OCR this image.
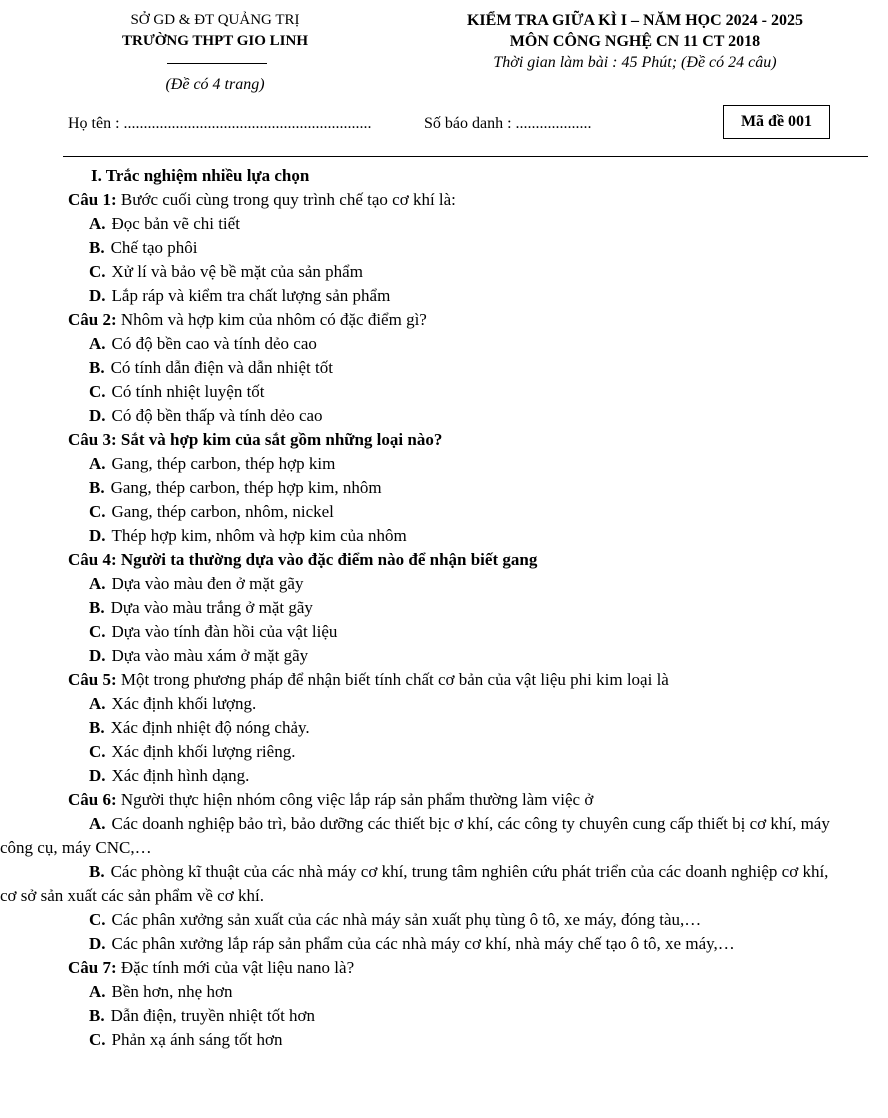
SỞ GD & ĐT QUẢNG TRỊ
TRƯỜNG THPT GIO LINH
(Đề có 4 trang)
KIỂM TRA GIỮA KÌ I – NĂM HỌC 2024 - 2025
MÔN CÔNG NGHỆ CN 11 CT 2018
Thời gian làm bài : 45 Phút; (Đề có 24 câu)
Họ tên : ..............................................................	Số báo danh : ...................	Mã đề 001

I. Trắc nghiệm nhiều lựa chọn

Câu 1: Bước cuối cùng trong quy trình chế tạo cơ khí là:

A. Đọc bản vẽ chi tiết

B. Chế tạo phôi

C. Xử lí và bảo vệ bề mặt của sản phẩm

D. Lắp ráp và kiểm tra chất lượng sản phẩm

Câu 2: Nhôm và hợp kim của nhôm có đặc điểm gì?

A. Có độ bền cao và tính dẻo cao

B. Có tính dẫn điện và dẫn nhiệt tốt

C. Có tính nhiệt luyện tốt

D. Có độ bền thấp và tính dẻo cao

Câu 3: Sắt và hợp kim của sắt gồm những loại nào?

A. Gang, thép carbon, thép hợp kim

B. Gang, thép carbon, thép hợp kim, nhôm

C. Gang, thép carbon, nhôm, nickel

D. Thép hợp kim, nhôm và hợp kim của nhôm

Câu 4: Người ta thường dựa vào đặc điểm nào để nhận biết gang

A. Dựa vào màu đen ở mặt gãy

B. Dựa vào màu trắng ở mặt gãy

C. Dựa vào tính đàn hồi của vật liệu

D. Dựa vào màu xám ở mặt gãy

Câu 5: Một trong phương pháp để nhận biết tính chất cơ bản của vật liệu phi kim loại là

A. Xác định khối lượng.

B. Xác định nhiệt độ nóng chảy.

C. Xác định khối lượng riêng.

D. Xác định hình dạng.

Câu 6: Người thực hiện nhóm công việc lắp ráp sản phẩm thường làm việc ở

A. Các doanh nghiệp bảo trì, bảo dưỡng các thiết bịc ơ khí, các công ty chuyên cung cấp thiết bị cơ khí, máy công cụ, máy CNC,…

B. Các phòng kĩ thuật của các nhà máy cơ khí, trung tâm nghiên cứu phát triển của các doanh nghiệp cơ khí, cơ sở sản xuất các sản phẩm về cơ khí.

C. Các phân xưởng sản xuất của các nhà máy sản xuất phụ tùng ô tô, xe máy, đóng tàu,…

D. Các phân xưởng lắp ráp sản phẩm của các nhà máy cơ khí, nhà máy chế tạo ô tô, xe máy,…

Câu 7: Đặc tính mới của vật liệu nano là?

A. Bền hơn, nhẹ hơn

B. Dẫn điện, truyền nhiệt tốt hơn

C. Phản xạ ánh sáng tốt hơn
